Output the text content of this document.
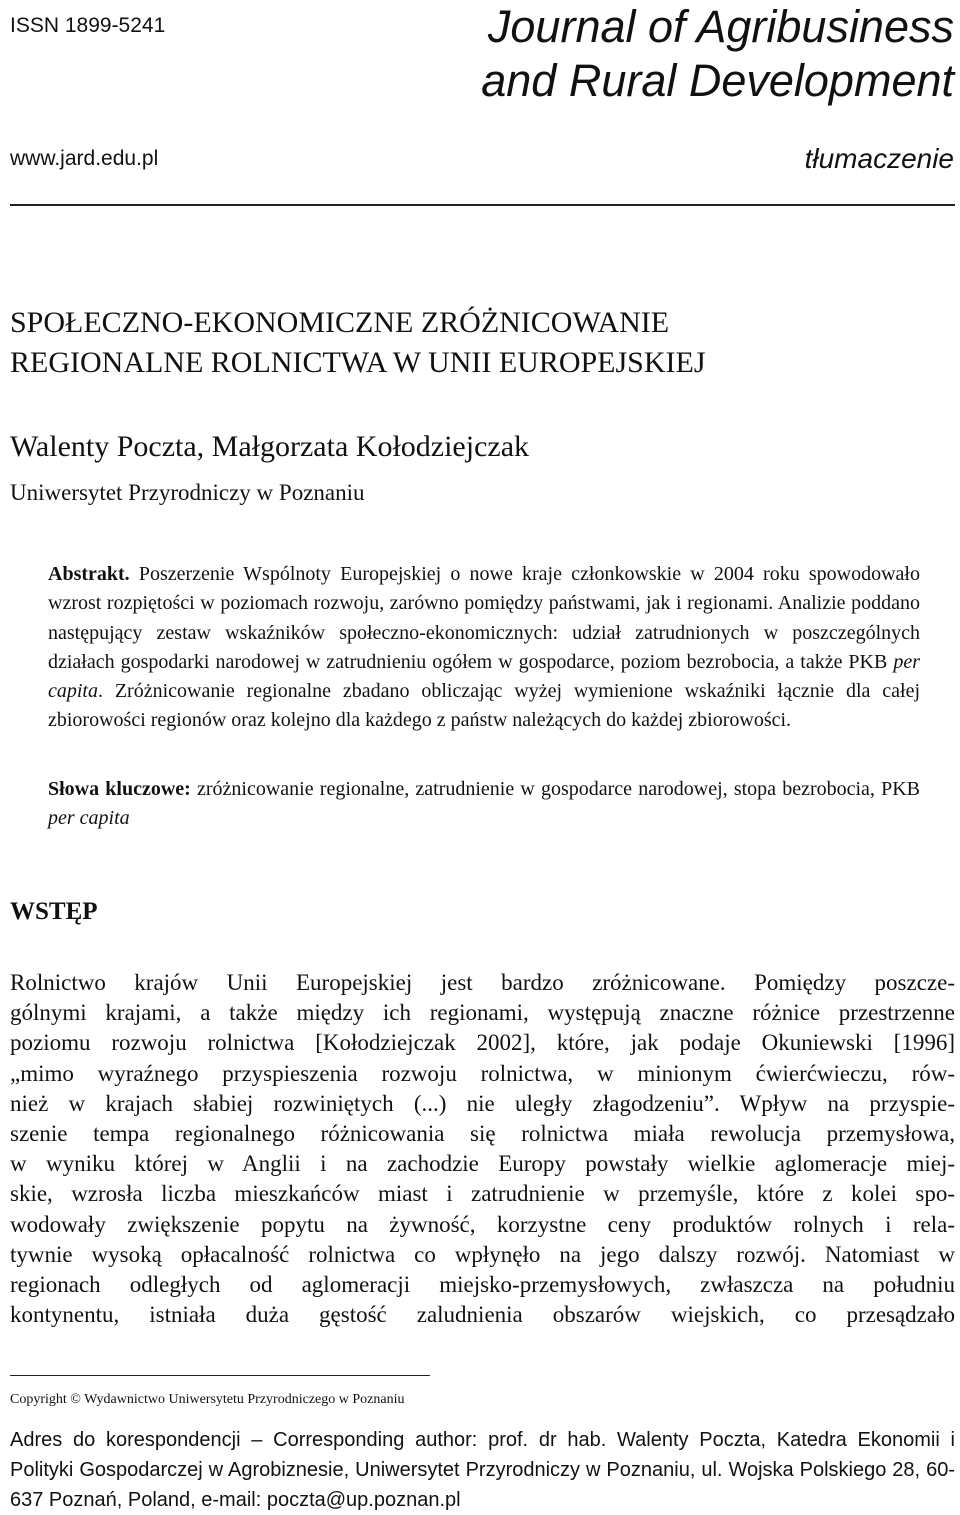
ISSN 1899-5241	Journal of Agribusiness
and Rural Development
www.jard.edu.pl	tłumaczenie
SPOŁECZNO-EKONOMICZNE ZRÓŻNICOWANIE
REGIONALNE ROLNICTWA W UNII EUROPEJSKIEJ
Walenty Poczta, Małgorzata Kołodziejczak
Uniwersytet Przyrodniczy w Poznaniu

Abstrakt. Poszerzenie Wspólnoty Europejskiej o nowe kraje członkowskie w 2004 roku spowodowało wzrost rozpiętości w poziomach rozwoju, zarówno pomiędzy państwami, jak i regionami. Analizie poddano następujący zestaw wskaźników społeczno-ekonomicznych: udział zatrudnionych w poszczególnych działach gospodarki narodowej w zatrudnieniu ogółem w gospodarce, poziom bezrobocia, a także PKB per capita. Zróżnicowanie regionalne zbadano obliczając wyżej wymienione wskaźniki łącznie dla całej zbiorowości regionów oraz kolejno dla każdego z państw należących do każdej zbiorowości.

Słowa kluczowe: zróżnicowanie regionalne, zatrudnienie w gospodarce narodowej, stopa bezrobocia, PKB per capita

WSTĘP
Rolnictwo krajów Unii Europejskiej jest bardzo zróżnicowane. Pomiędzy poszcze-
gólnymi krajami, a także między ich regionami, występują znaczne różnice przestrzenne
poziomu rozwoju rolnictwa [Kołodziejczak 2002], które, jak podaje Okuniewski [1996]
„mimo wyraźnego przyspieszenia rozwoju rolnictwa, w minionym ćwierćwieczu, rów-
nież w krajach słabiej rozwiniętych (...) nie uległy złagodzeniu”. Wpływ na przyspie-
szenie tempa regionalnego różnicowania się rolnictwa miała rewolucja przemysłowa,
w wyniku której w Anglii i na zachodzie Europy powstały wielkie aglomeracje miej-
skie, wzrosła liczba mieszkańców miast i zatrudnienie w przemyśle, które z kolei spo-
wodowały zwiększenie popytu na żywność, korzystne ceny produktów rolnych i rela-
tywnie wysoką opłacalność rolnictwa co wpłynęło na jego dalszy rozwój. Natomiast w
regionach odległych od aglomeracji miejsko-przemysłowych, zwłaszcza na południu
kontynentu, istniała duża gęstość zaludnienia obszarów wiejskich, co przesądzało
Copyright © Wydawnictwo Uniwersytetu Przyrodniczego w Poznaniu

Adres do korespondencji – Corresponding author: prof. dr hab. Walenty Poczta, Katedra Ekonomii i Polityki Gospodarczej w Agrobiznesie, Uniwersytet Przyrodniczy w Poznaniu, ul. Wojska Polskiego 28, 60-637 Poznań, Poland, e-mail: poczta@up.poznan.pl
